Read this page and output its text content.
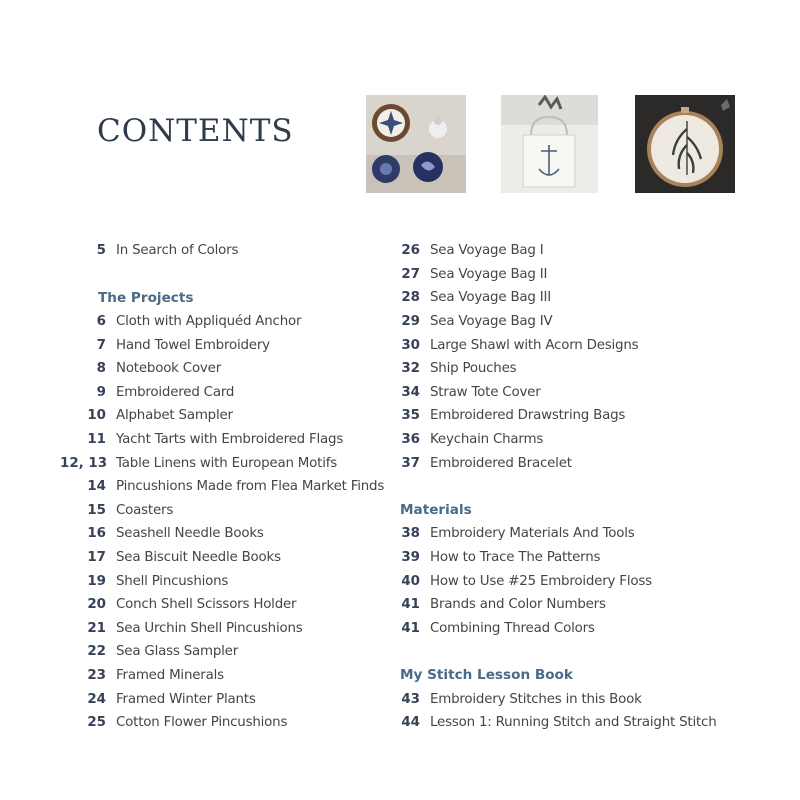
CONTENTS
5 In Search of Colors
The Projects
6 Cloth with Appliquéd Anchor
7 Hand Towel Embroidery
8 Notebook Cover
9 Embroidered Card
10 Alphabet Sampler
11 Yacht Tarts with Embroidered Flags
12, 13 Table Linens with European Motifs
14 Pincushions Made from Flea Market Finds
15 Coasters
16 Seashell Needle Books
17 Sea Biscuit Needle Books
19 Shell Pincushions
20 Conch Shell Scissors Holder
21 Sea Urchin Shell Pincushions
22 Sea Glass Sampler
23 Framed Minerals
24 Framed Winter Plants
25 Cotton Flower Pincushions
26 Sea Voyage Bag I
27 Sea Voyage Bag II
28 Sea Voyage Bag III
29 Sea Voyage Bag IV
30 Large Shawl with Acorn Designs
32 Ship Pouches
34 Straw Tote Cover
35 Embroidered Drawstring Bags
36 Keychain Charms
37 Embroidered Bracelet
Materials
38 Embroidery Materials And Tools
39 How to Trace The Patterns
40 How to Use #25 Embroidery Floss
41 Brands and Color Numbers
41 Combining Thread Colors
My Stitch Lesson Book
43 Embroidery Stitches in this Book
44 Lesson 1: Running Stitch and Straight Stitch
